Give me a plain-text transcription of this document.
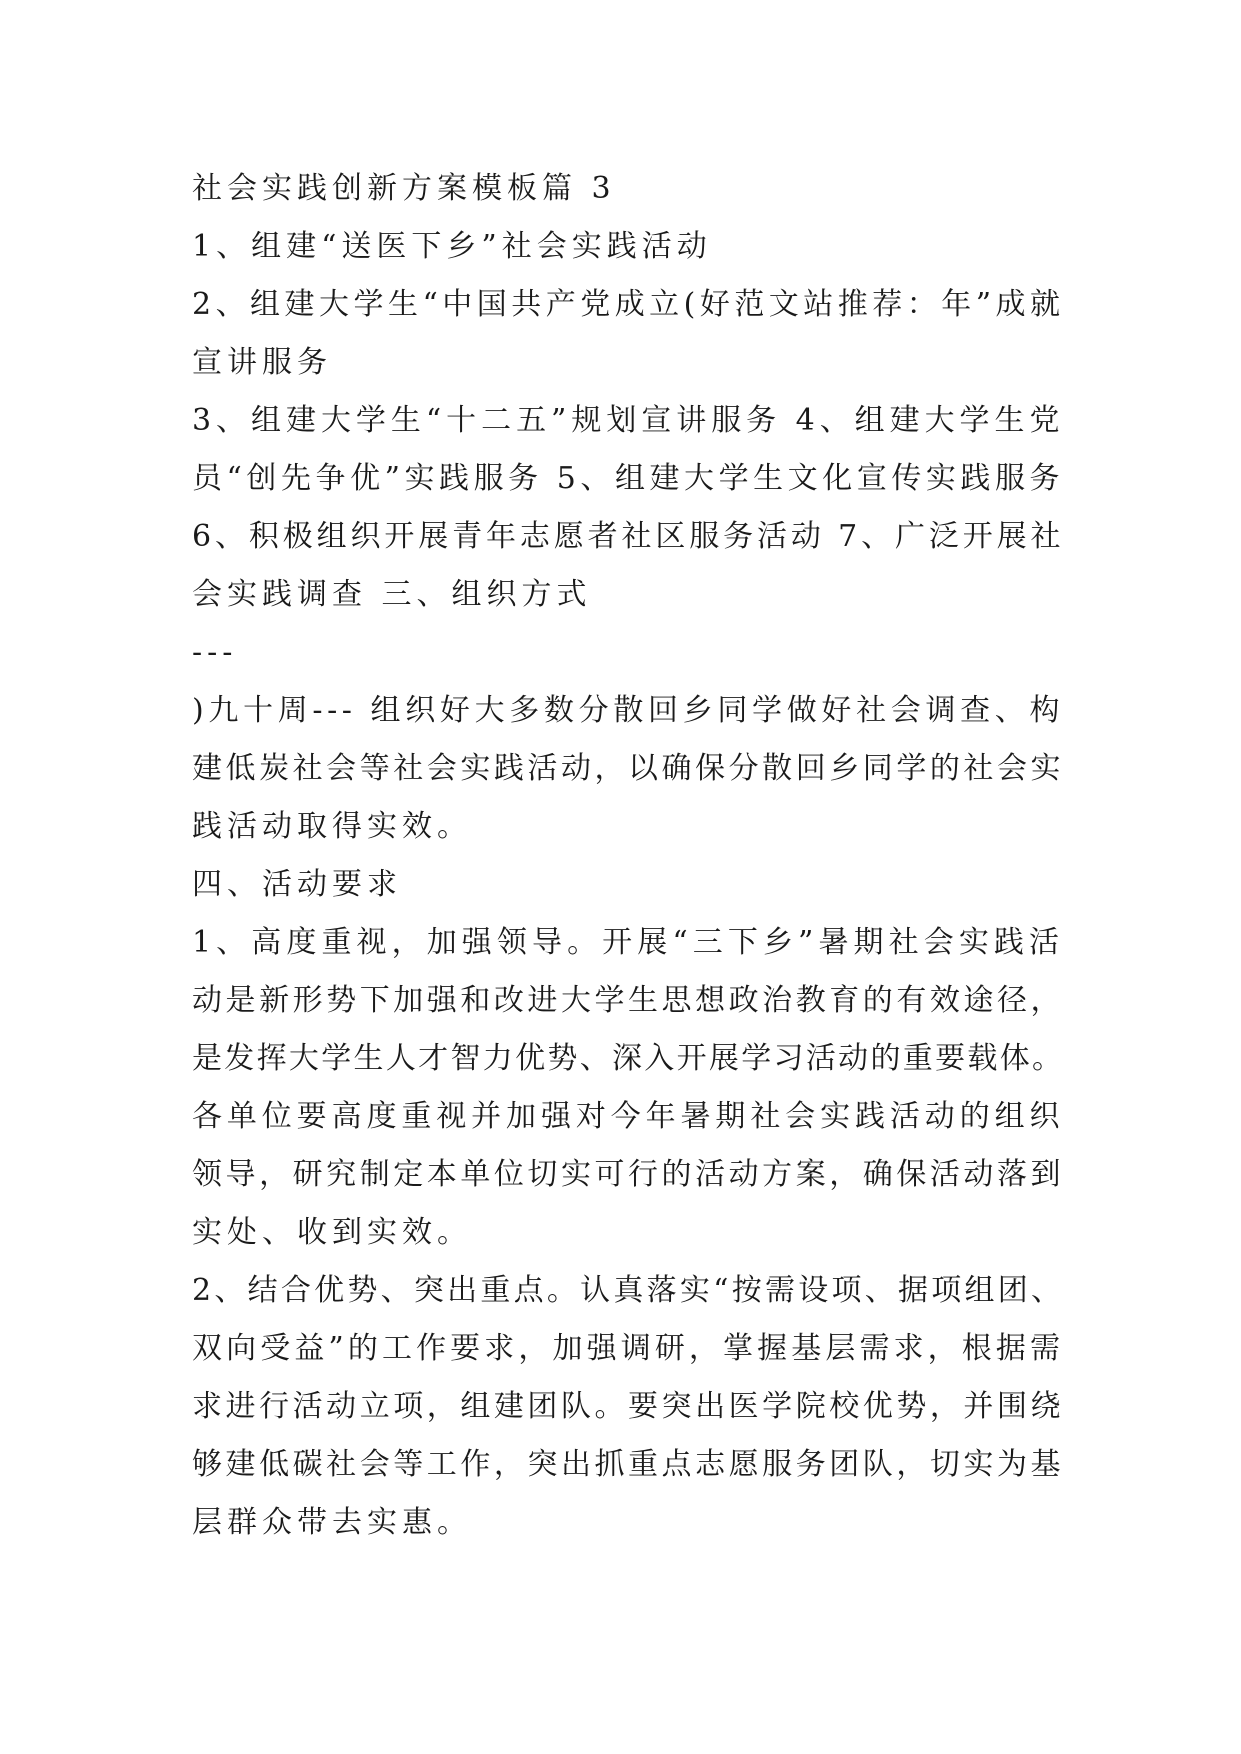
社会实践创新方案模板篇 3
1、组建“送医下乡”社会实践活动
2、组建大学生“中国共产党成立(好范文站推荐：年”成就
宣讲服务
3、组建大学生“十二五”规划宣讲服务 4、组建大学生党
员“创先争优”实践服务 5、组建大学生文化宣传实践服务
6、积极组织开展青年志愿者社区服务活动 7、广泛开展社
会实践调查 三、组织方式
---
)九十周--- 组织好大多数分散回乡同学做好社会调查、构
建低炭社会等社会实践活动，以确保分散回乡同学的社会实
践活动取得实效。
四、活动要求
1、高度重视，加强领导。开展“三下乡”暑期社会实践活
动是新形势下加强和改进大学生思想政治教育的有效途径，
是发挥大学生人才智力优势、深入开展学习活动的重要载体。
各单位要高度重视并加强对今年暑期社会实践活动的组织
领导，研究制定本单位切实可行的活动方案，确保活动落到
实处、收到实效。
2、结合优势、突出重点。认真落实“按需设项、据项组团、
双向受益”的工作要求，加强调研，掌握基层需求，根据需
求进行活动立项，组建团队。要突出医学院校优势，并围绕
够建低碳社会等工作，突出抓重点志愿服务团队，切实为基
层群众带去实惠。
